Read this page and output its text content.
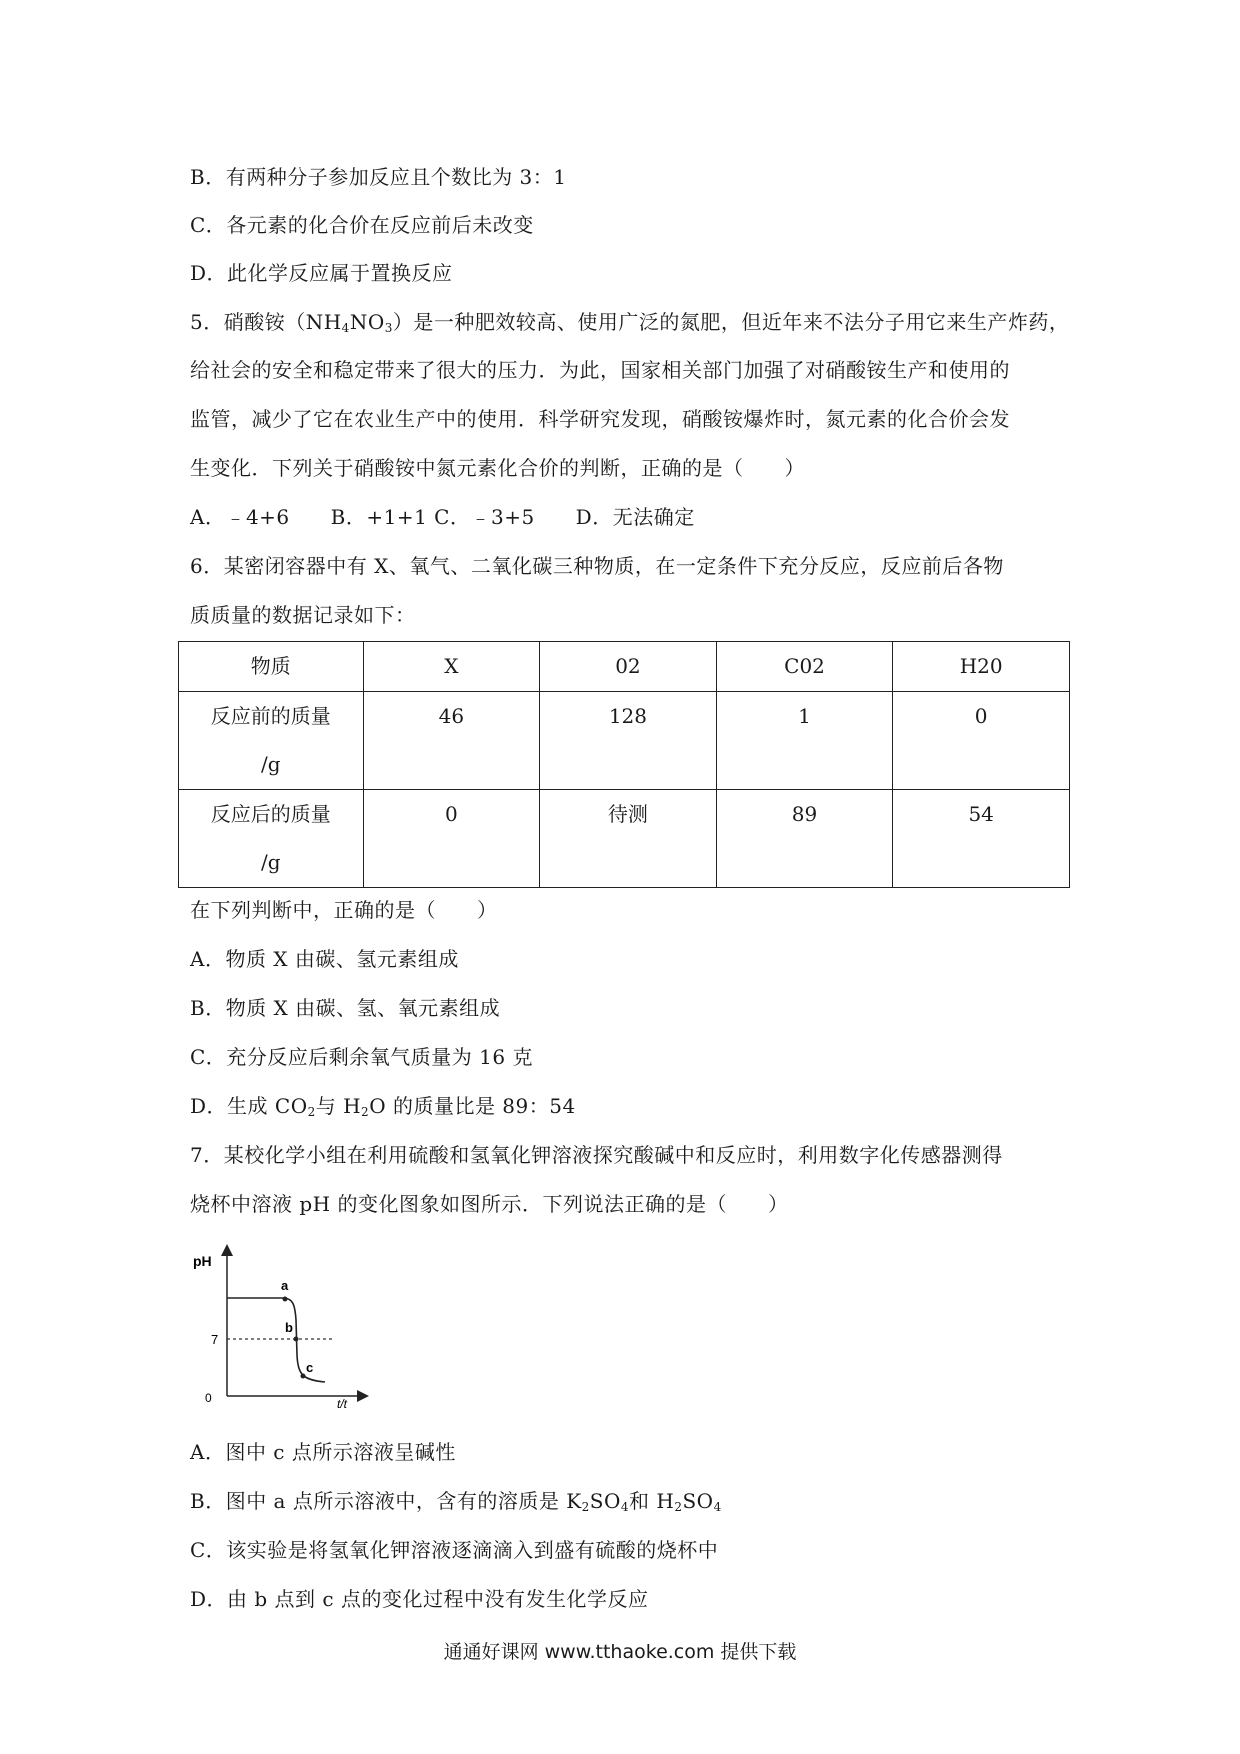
B．有两种分子参加反应且个数比为 3：1
C．各元素的化合价在反应前后未改变
D．此化学反应属于置换反应
5．硝酸铵$(NH_4NO_3)$是一种肥效较高、使用广泛的氮肥，但近年来不法分子用它来生产炸药，
给社会的安全和稳定带来了很大的压力．为此，国家相关部门加强了对硝酸铵生产和使用的
监管，减少了它在农业生产中的使用．科学研究发现，硝酸铵爆炸时，氮元素的化合价会发
生变化．下列关于硝酸铵中氮元素化合价的判断，正确的是（　　）
A．﹣4+6　　B．+1+1 C．﹣3+5　　D．无法确定
6．某密闭容器中有 X、氧气、二氧化碳三种物质，在一定条件下充分反应，反应前后各物
质质量的数据记录如下：
物质	X	02	C02	H20

反应前的质量
/g	46	128	1	0

反应后的质量
/g	0	待测	89	54
在下列判断中，正确的是（　　）
A．物质 X 由碳、氢元素组成
B．物质 X 由碳、氢、氧元素组成
C．充分反应后剩余氧气质量为 16 克
D．生成 $CO_2$与 $H_2O$ 的质量比是 89：54
7．某校化学小组在利用硫酸和氢氧化钾溶液探究酸碱中和反应时，利用数字化传感器测得
烧杯中溶液 pH 的变化图象如图所示．下列说法正确的是（　　）
pH
7
0	t/t
a
b
c
A．图中 c 点所示溶液呈碱性
B．图中 a 点所示溶液中，含有的溶质是 $K_2SO_4$和 $H_2SO_4$
C．该实验是将氢氧化钾溶液逐滴滴入到盛有硫酸的烧杯中
D．由 b 点到 c 点的变化过程中没有发生化学反应
通通好课网 www.tthaoke.com 提供下载
